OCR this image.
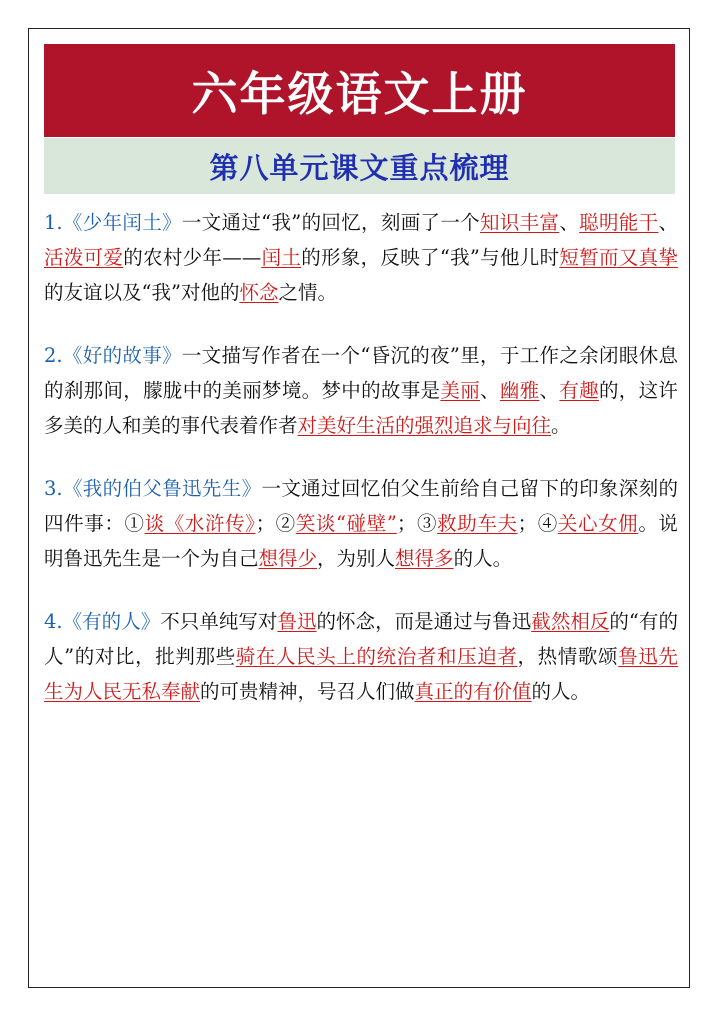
六年级语文上册
第八单元课文重点梳理

1.《少年闰土》一文通过“我”的回忆，刻画了一个知识丰富、聪明能干、活泼可爱的农村少年——闰土的形象，反映了“我”与他儿时短暂而又真挚的友谊以及“我”对他的怀念之情。

2.《好的故事》一文描写作者在一个“昏沉的夜”里，于工作之余闭眼休息的刹那间，朦胧中的美丽梦境。梦中的故事是美丽、幽雅、有趣的，这许多美的人和美的事代表着作者对美好生活的强烈追求与向往。

3.《我的伯父鲁迅先生》一文通过回忆伯父生前给自己留下的印象深刻的四件事：①谈《水浒传》；②笑谈“碰壁”；③救助车夫；④关心女佣。说明鲁迅先生是一个为自己想得少，为别人想得多的人。

4.《有的人》不只单纯写对鲁迅的怀念，而是通过与鲁迅截然相反的“有的人”的对比，批判那些骑在人民头上的统治者和压迫者，热情歌颂鲁迅先生为人民无私奉献的可贵精神，号召人们做真正的有价值的人。
